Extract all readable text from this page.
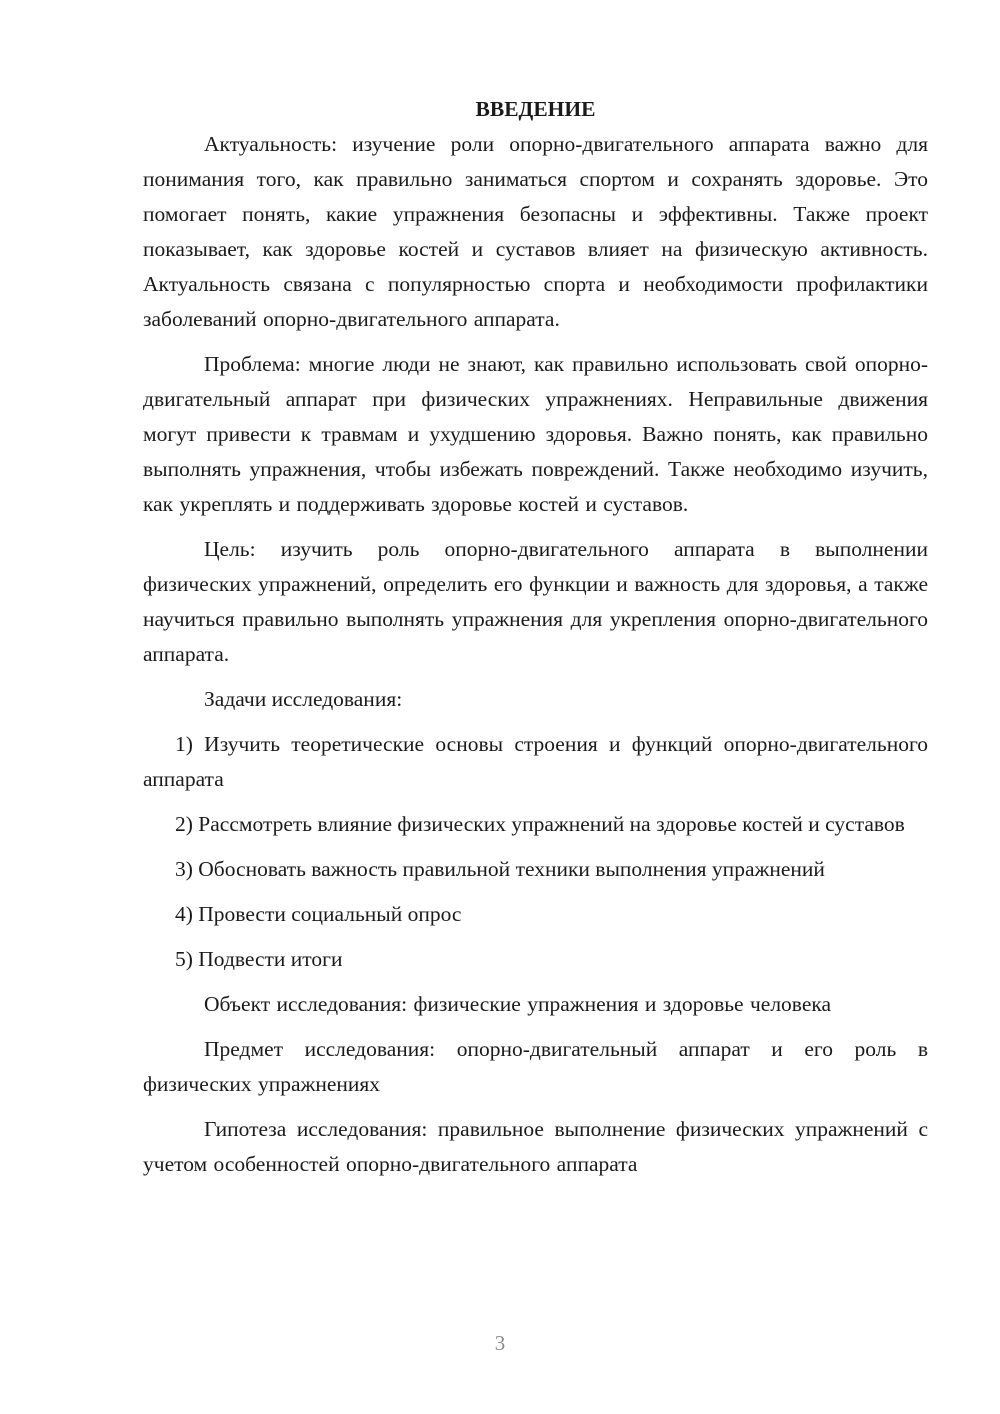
ВВЕДЕНИЕ

Актуальность: изучение роли опорно-двигательного аппарата важно для понимания того, как правильно заниматься спортом и сохранять здоровье. Это помогает понять, какие упражнения безопасны и эффективны. Также проект показывает, как здоровье костей и суставов влияет на физическую активность. Актуальность связана с популярностью спорта и необходимости профилактики заболеваний опорно-двигательного аппарата.

Проблема: многие люди не знают, как правильно использовать свой опорно-двигательный аппарат при физических упражнениях. Неправильные движения могут привести к травмам и ухудшению здоровья. Важно понять, как правильно выполнять упражнения, чтобы избежать повреждений. Также необходимо изучить, как укреплять и поддерживать здоровье костей и суставов.

Цель: изучить роль опорно-двигательного аппарата в выполнении физических упражнений, определить его функции и важность для здоровья, а также научиться правильно выполнять упражнения для укрепления опорно-двигательного аппарата.

Задачи исследования:

1) Изучить теоретические основы строения и функций опорно-двигательного аппарата

2) Рассмотреть влияние физических упражнений на здоровье костей и суставов

3) Обосновать важность правильной техники выполнения упражнений

4) Провести социальный опрос

5) Подвести итоги

Объект исследования: физические упражнения и здоровье человека

Предмет исследования: опорно-двигательный аппарат и его роль в физических упражнениях

Гипотеза исследования: правильное выполнение физических упражнений с учетом особенностей опорно-двигательного аппарата

3
